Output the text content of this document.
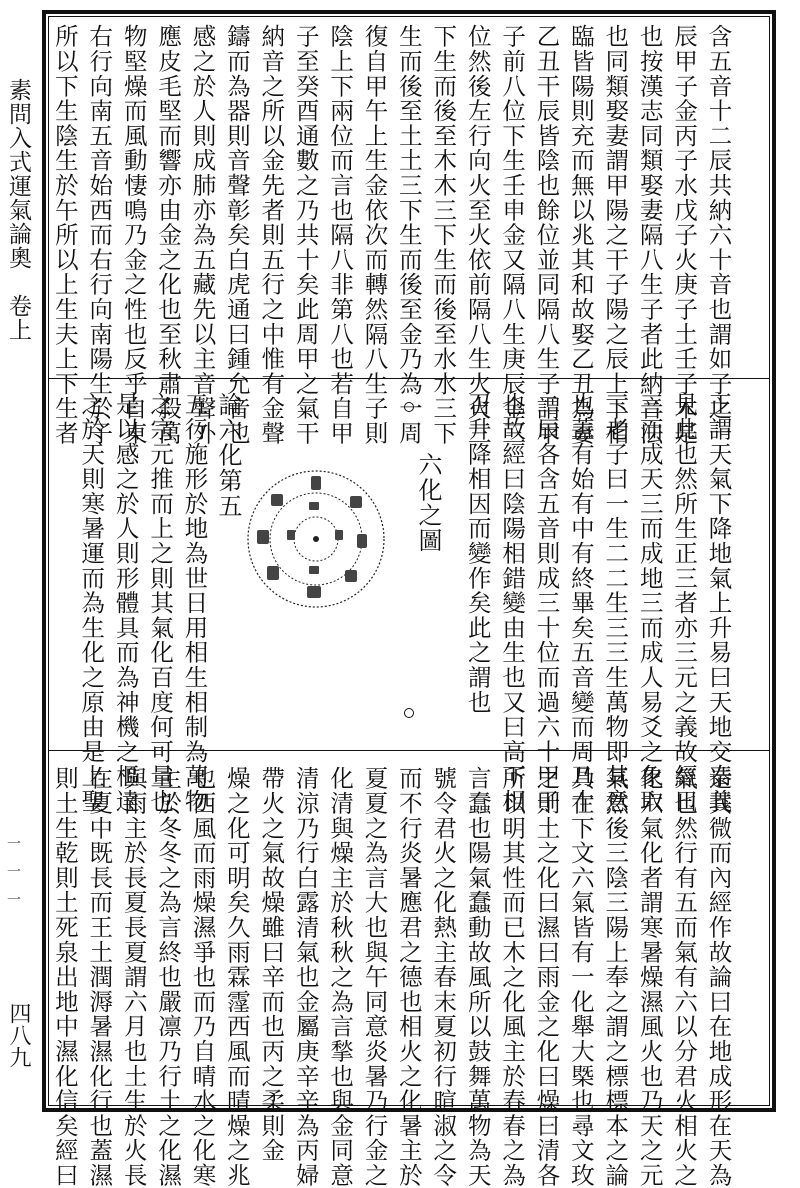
素問入式運氣論奧　卷上
一　一　一
四八九
含五音十二辰共納六十音也謂如子之一
辰甲子金丙子水戊子火庚子土壬子木是
也按漢志同類娶妻隔八生子者此納音法
也同類娶妻謂甲陽之干子陽之辰上下相
臨皆陽則充而無以兆其和故娶乙丑為妻
乙丑干辰皆陰也餘位並同隔八生子謂甲
子前八位下生壬申金又隔八生庚辰金三
位然後左行向火至火依前隔八生火火三
下生而後至木木三下生而後至水水三下
生而後至土土三下生而後至金乃為一周
復自甲午上生金依次而轉然隔八生子則
陰上下兩位而言也隔八非第八也若自甲
子至癸酉通數之乃共十矣此周甲之氣干
納音之所以金先者則五行之中惟有金聲
鑄而為器則音聲彰矣白虎通曰鍾允音也
感之於人則成肺亦為五藏先以主音聲外
應皮毛堅而響亦由金之化也至秋肅殺萬
物堅燥而風動悽鳴乃金之性也反乎自東
右行向南五音始西而右行向南陽生於子
所以下生陰生於午所以上生夫上下生者
正謂天氣下降地氣上升易曰天地交泰義
見此也然所生正三者亦三元之義故經曰
三而成天三而成地三而成人易爻之象取
三老子曰一生二二生三三生萬物即其意
也蓋有始有中有終畢矣五音變而周乃十
二辰各含五音則成三十位而過六十甲子
也故經曰陰陽相錯變由生也又曰高下相
召升降相因而變作矣此之謂也
六化之圖
論六化第五
五行施形於地為世日用相生相制為萬物
之宗元推而上之則其氣化百度何可量也
是以感之於人則形體具而為神機之樞逹
之於天則寒暑運而為生化之原由是上聖
造其微而內經作故論曰在地成形在天為
氣也然行有五而氣有六以分君火相火之
化六氣化者謂寒暑燥濕風火也乃天之元
氣然後三陰三陽上奉之謂之標標本之論
具在下文六氣皆有一化舉大槩也尋文玫
之則土之化曰濕曰雨金之化曰燥曰清各
所以明其性而已木之化風主於春春之為
言蠢也陽氣蠢動故風所以鼓舞萬物為天
號令君火之化熱主春末夏初行暄淑之令
而不行炎暑應君之德也相火之化暑主於
夏夏之為言大也與午同意炎暑乃行金之
化清與燥主於秋秋之為言揫也與金同意
清涼乃行白露清氣也金屬庚辛辛為丙婦
帶火之氣故燥雖曰辛而也丙之柔則金
燥之化可明矣久雨霖霪西風而晴燥之兆
也西風而雨燥濕爭也而乃自晴水之化寒
主於冬冬之為言終也嚴凛乃行土之化濕
與雨主於長夏長夏謂六月也土生於火長
在夏中既長而王土潤溽暑濕化行也蓋濕
則土生乾則土死泉出地中濕化信矣經曰
